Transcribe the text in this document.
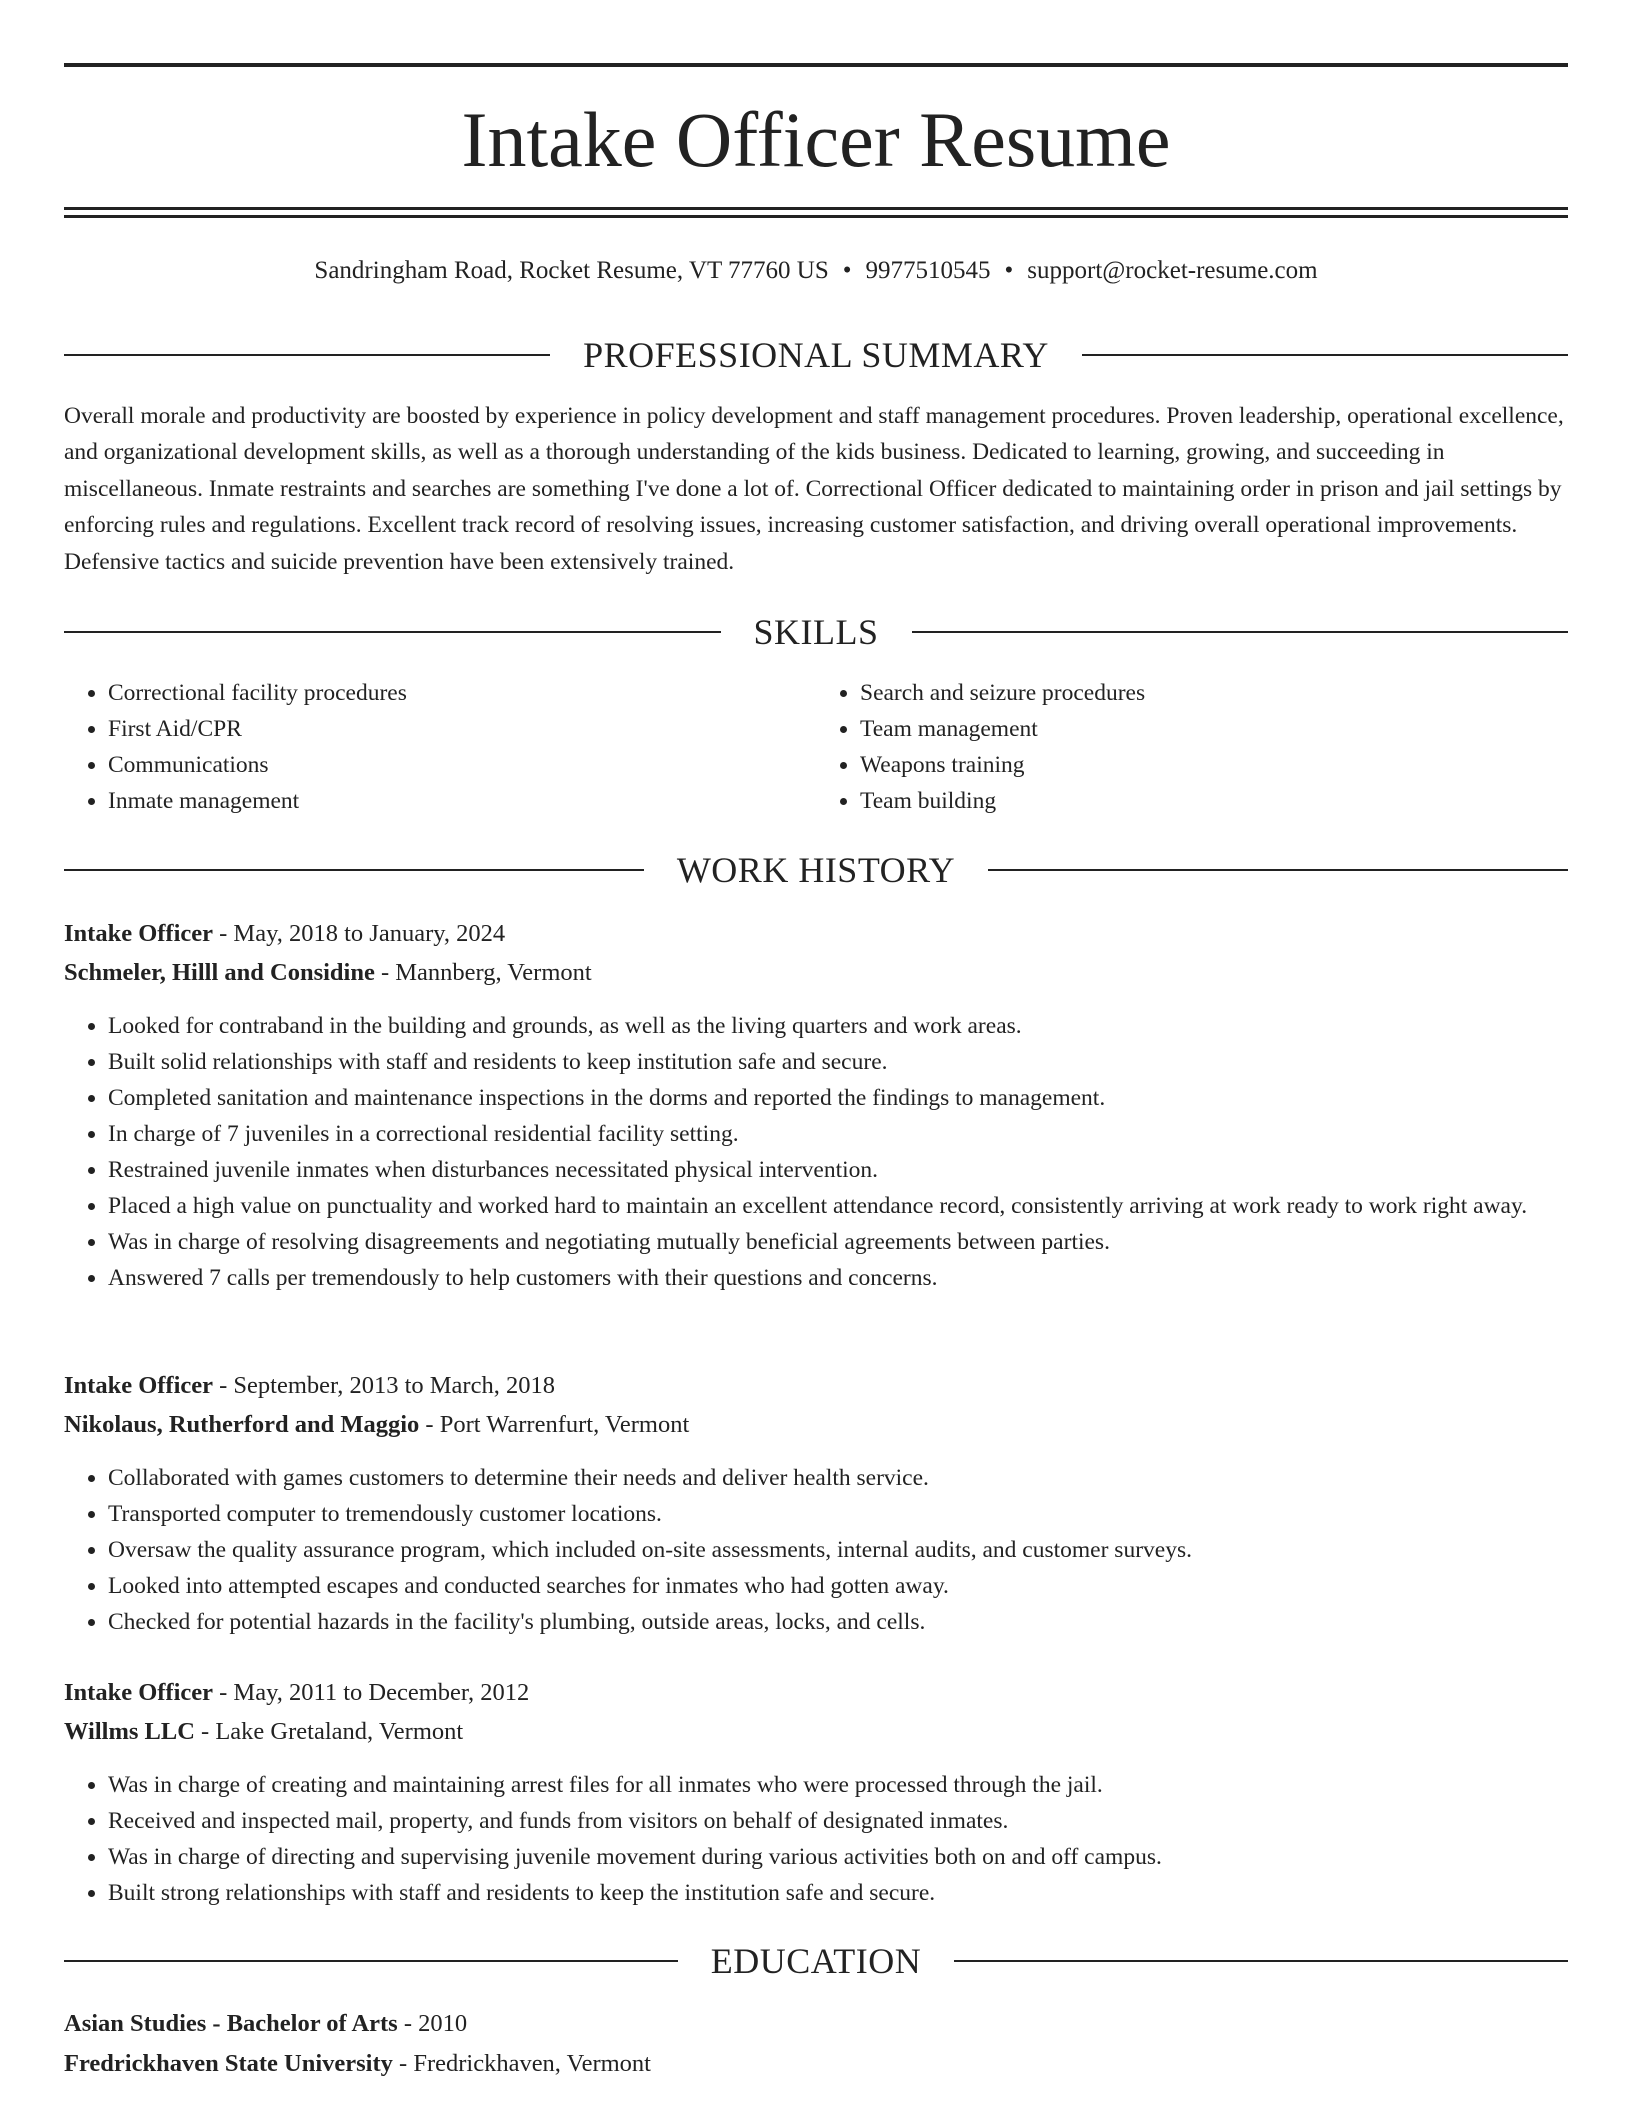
Intake Officer Resume
Sandringham Road, Rocket Resume, VT 77760 US • 9977510545 • support@rocket-resume.com
PROFESSIONAL SUMMARY

Overall morale and productivity are boosted by experience in policy development and staff management procedures. Proven leadership, operational excellence, and organizational development skills, as well as a thorough understanding of the kids business. Dedicated to learning, growing, and succeeding in miscellaneous. Inmate restraints and searches are something I've done a lot of. Correctional Officer dedicated to maintaining order in prison and jail settings by enforcing rules and regulations. Excellent track record of resolving issues, increasing customer satisfaction, and driving overall operational improvements. Defensive tactics and suicide prevention have been extensively trained.

SKILLS
• Correctional facility procedures
• First Aid/CPR
• Communications
• Inmate management
• Search and seizure procedures
• Team management
• Weapons training
• Team building
WORK HISTORY
Intake Officer - May, 2018 to January, 2024
Schmeler, Hilll and Considine - Mannberg, Vermont
• Looked for contraband in the building and grounds, as well as the living quarters and work areas.
• Built solid relationships with staff and residents to keep institution safe and secure.
• Completed sanitation and maintenance inspections in the dorms and reported the findings to management.
• In charge of 7 juveniles in a correctional residential facility setting.
• Restrained juvenile inmates when disturbances necessitated physical intervention.
• Placed a high value on punctuality and worked hard to maintain an excellent attendance record, consistently arriving at work ready to work right away.
• Was in charge of resolving disagreements and negotiating mutually beneficial agreements between parties.
• Answered 7 calls per tremendously to help customers with their questions and concerns.
Intake Officer - September, 2013 to March, 2018
Nikolaus, Rutherford and Maggio - Port Warrenfurt, Vermont
• Collaborated with games customers to determine their needs and deliver health service.
• Transported computer to tremendously customer locations.
• Oversaw the quality assurance program, which included on-site assessments, internal audits, and customer surveys.
• Looked into attempted escapes and conducted searches for inmates who had gotten away.
• Checked for potential hazards in the facility's plumbing, outside areas, locks, and cells.
Intake Officer - May, 2011 to December, 2012
Willms LLC - Lake Gretaland, Vermont
• Was in charge of creating and maintaining arrest files for all inmates who were processed through the jail.
• Received and inspected mail, property, and funds from visitors on behalf of designated inmates.
• Was in charge of directing and supervising juvenile movement during various activities both on and off campus.
• Built strong relationships with staff and residents to keep the institution safe and secure.
EDUCATION
Asian Studies - Bachelor of Arts - 2010
Fredrickhaven State University - Fredrickhaven, Vermont
